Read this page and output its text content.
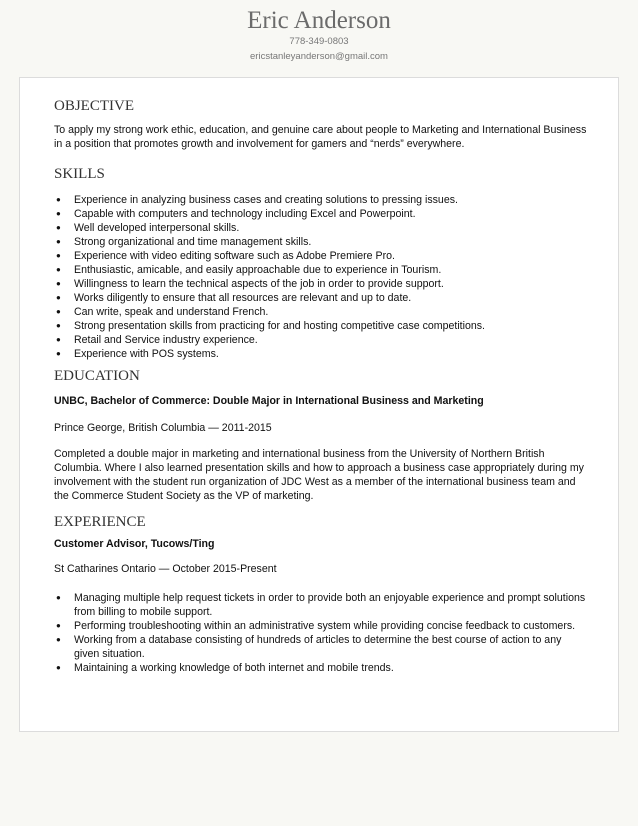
Eric Anderson
778-349-0803
ericstanleyanderson@gmail.com
OBJECTIVE

To apply my strong work ethic, education, and genuine care about people to Marketing and International Business in a position that promotes growth and involvement for gamers and “nerds” everywhere.

SKILLS
● Experience in analyzing business cases and creating solutions to pressing issues.
● Capable with computers and technology including Excel and Powerpoint.
● Well developed interpersonal skills.
● Strong organizational and time management skills.
● Experience with video editing software such as Adobe Premiere Pro.
● Enthusiastic, amicable, and easily approachable due to experience in Tourism.
● Willingness to learn the technical aspects of the job in order to provide support.
● Works diligently to ensure that all resources are relevant and up to date.
● Can write, speak and understand French.
● Strong presentation skills from practicing for and hosting competitive case competitions.
● Retail and Service industry experience.
● Experience with POS systems.
EDUCATION

UNBC, Bachelor of Commerce: Double Major in International Business and Marketing

Prince George, British Columbia — 2011-2015

Completed a double major in marketing and international business from the University of Northern British Columbia. Where I also learned presentation skills and how to approach a business case appropriately during my involvement with the student run organization of JDC West as a member of the international business team and the Commerce Student Society as the VP of marketing.

EXPERIENCE

Customer Advisor, Tucows/Ting

St Catharines Ontario — October 2015-Present

● Managing multiple help request tickets in order to provide both an enjoyable experience and prompt solutions from billing to mobile support.
● Performing troubleshooting within an administrative system while providing concise feedback to customers.
● Working from a database consisting of hundreds of articles to determine the best course of action to any given situation.
● Maintaining a working knowledge of both internet and mobile trends.
